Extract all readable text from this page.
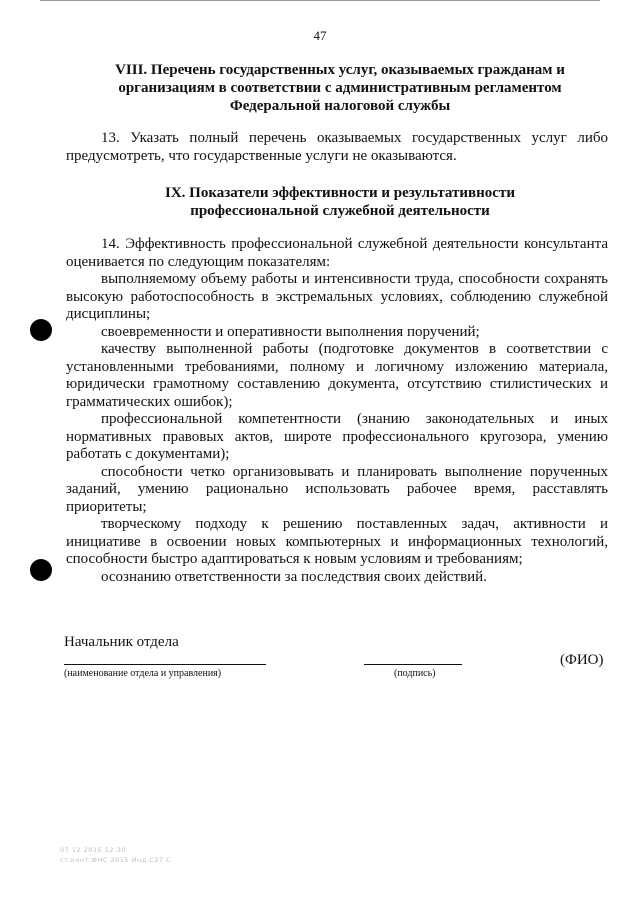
47
VIII. Перечень государственных услуг, оказываемых гражданам и
организациям в соответствии с административным регламентом
Федеральной налоговой службы

13. Указать полный перечень оказываемых государственных услуг либо

предусмотреть, что государственные услуги не оказываются.

IX. Показатели эффективности и результативности
профессиональной служебной деятельности

14. Эффективность профессиональной служебной деятельности консультанта

оценивается по следующим показателям:

выполняемому объему работы и интенсивности труда, способности сохранять

высокую работоспособность в экстремальных условиях, соблюдению служебной

дисциплины;

своевременности и оперативности выполнения поручений;

качеству выполненной работы (подготовке документов в соответствии с

установленными требованиями, полному и логичному изложению материала,

юридически грамотному составлению документа, отсутствию стилистических и

грамматических ошибок);

профессиональной компетентности (знанию законодательных и иных

нормативных правовых актов, широте профессионального кругозора, умению

работать с документами);

способности четко организовывать и планировать выполнение порученных

заданий, умению рационально использовать рабочее время, расставлять

приоритеты;

творческому подходу к решению поставленных задач, активности и

инициативе в освоении новых компьютерных и информационных технологий,

способности быстро адаптироваться к новым условиям и требованиям;

осознанию ответственности за последствия своих действий.

Начальник отдела
(наименование отдела и управления)	(подпись)
(ФИО)
07 12 2015 12:30
ст.конт.ФНС 2015 Инд.С27 С
